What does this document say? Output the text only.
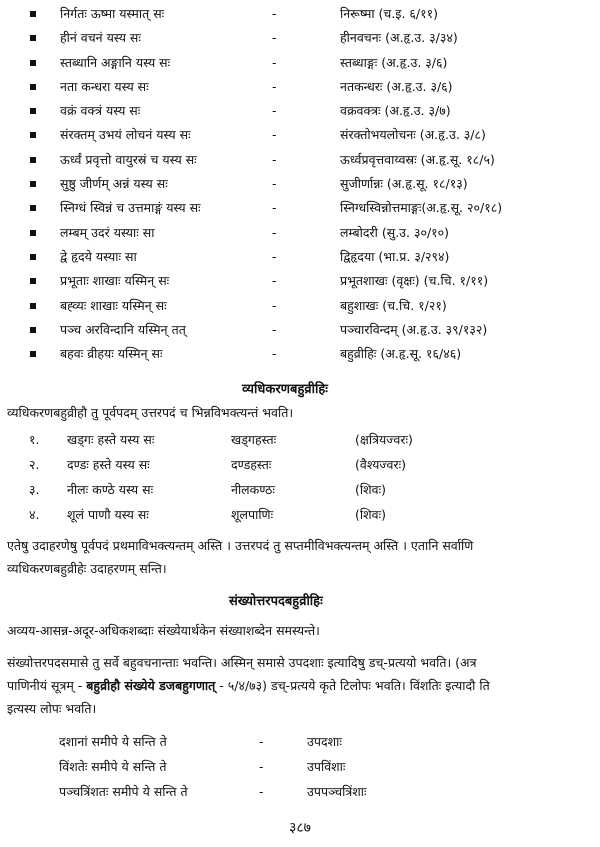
निर्गतः ऊष्मा यस्मात् सः	-	निरूष्मा (च.इ. ६/११)
हीनं वचनं यस्य सः	-	हीनवचनः (अ.हृ.उ. ३/३४)
स्तब्धानि अङ्गानि यस्य सः	-	स्तब्धाङ्गः (अ.हृ.उ. ३/६)
नता कन्धरा यस्य सः	-	नतकन्धरः (अ.हृ.उ. ३/६)
वक्रं वक्त्रं यस्य सः	-	वक्रवक्त्रः (अ.हृ.उ. ३/७)
संरक्तम् उभयं लोचनं यस्य सः	-	संरक्तोभयलोचनः (अ.हृ.उ. ३/८)
ऊर्ध्वं प्रवृत्तो वायुरस्रं च यस्य सः	-	ऊर्ध्वप्रवृत्तवाय्वस्रः (अ.हृ.सू. १८/५)
सुष्ठु जीर्णम् अन्नं यस्य सः	-	सुजीर्णान्नः (अ.हृ.सू. १८/१३)
स्निग्धं स्विन्नं च उत्तमाङ्गं यस्य सः	-	स्निग्धस्विन्नोत्तमाङ्गः(अ.हृ.सू. २०/१८)
लम्बम् उदरं यस्याः सा	-	लम्बोदरी (सु.उ. ३०/१०)
द्वे हृदये यस्याः सा	-	द्विहृदया (भा.प्र. ३/२९४)
प्रभूताः शाखाः यस्मिन् सः	-	प्रभूतशाखः (वृक्षः) (च.चि. १/११)
बह्व्यः शाखाः यस्मिन् सः	-	बहुशाखः (च.चि. १/२१)
पञ्च अरविन्दानि यस्मिन् तत्	-	पञ्चारविन्दम् (अ.हृ.उ. ३९/१३२)
बहवः व्रीहयः यस्मिन् सः	-	बहुव्रीहिः (अ.हृ.सू. १६/४६)
व्यधिकरणबहुव्रीहिः
व्यधिकरणबहुव्रीहौ तु पूर्वपदम् उत्तरपदं च भिन्नविभक्त्यन्तं भवति।
१. खड्गः हस्ते यस्य सः	खड्गहस्तः	(क्षत्रियज्वरः)
२. दण्डः हस्ते यस्य सः	दण्डहस्तः	(वैश्यज्वरः)
३. नीलः कण्ठे यस्य सः	नीलकण्ठः	(शिवः)
४. शूलं पाणौ यस्य सः	शूलपाणिः	(शिवः)
एतेषु उदाहरणेषु पूर्वपदं प्रथमाविभक्त्यन्तम् अस्ति । उत्तरपदं तु सप्तमीविभक्त्यन्तम् अस्ति । एतानि सर्वाणि
व्यधिकरणबहुव्रीहेः उदाहरणम् सन्ति।
संख्योत्तरपदबहुव्रीहिः
अव्यय-आसन्न-अदूर-अधिकशब्दाः संख्येयार्थकेन संख्याशब्देन समस्यन्ते।
संख्योत्तरपदसमासे तु सर्वे बहुवचनान्ताः भवन्ति। अस्मिन् समासे उपदशाः इत्यादिषु डच्-प्रत्ययो भवति। (अत्र
पाणिनीयं सूत्रम् - बहुव्रीहौ संख्येये डजबहुगणात् - ५/४/७३) डच्-प्रत्यये कृते टिलोपः भवति। विंशतिः इत्यादौ ति
इत्यस्य लोपः भवति।
दशानां समीपे ये सन्ति ते	-	उपदशाः
विंशतेः समीपे ये सन्ति ते	-	उपविंशाः
पञ्चत्रिंशतः समीपे ये सन्ति ते	-	उपपञ्चत्रिंशाः
३८७
